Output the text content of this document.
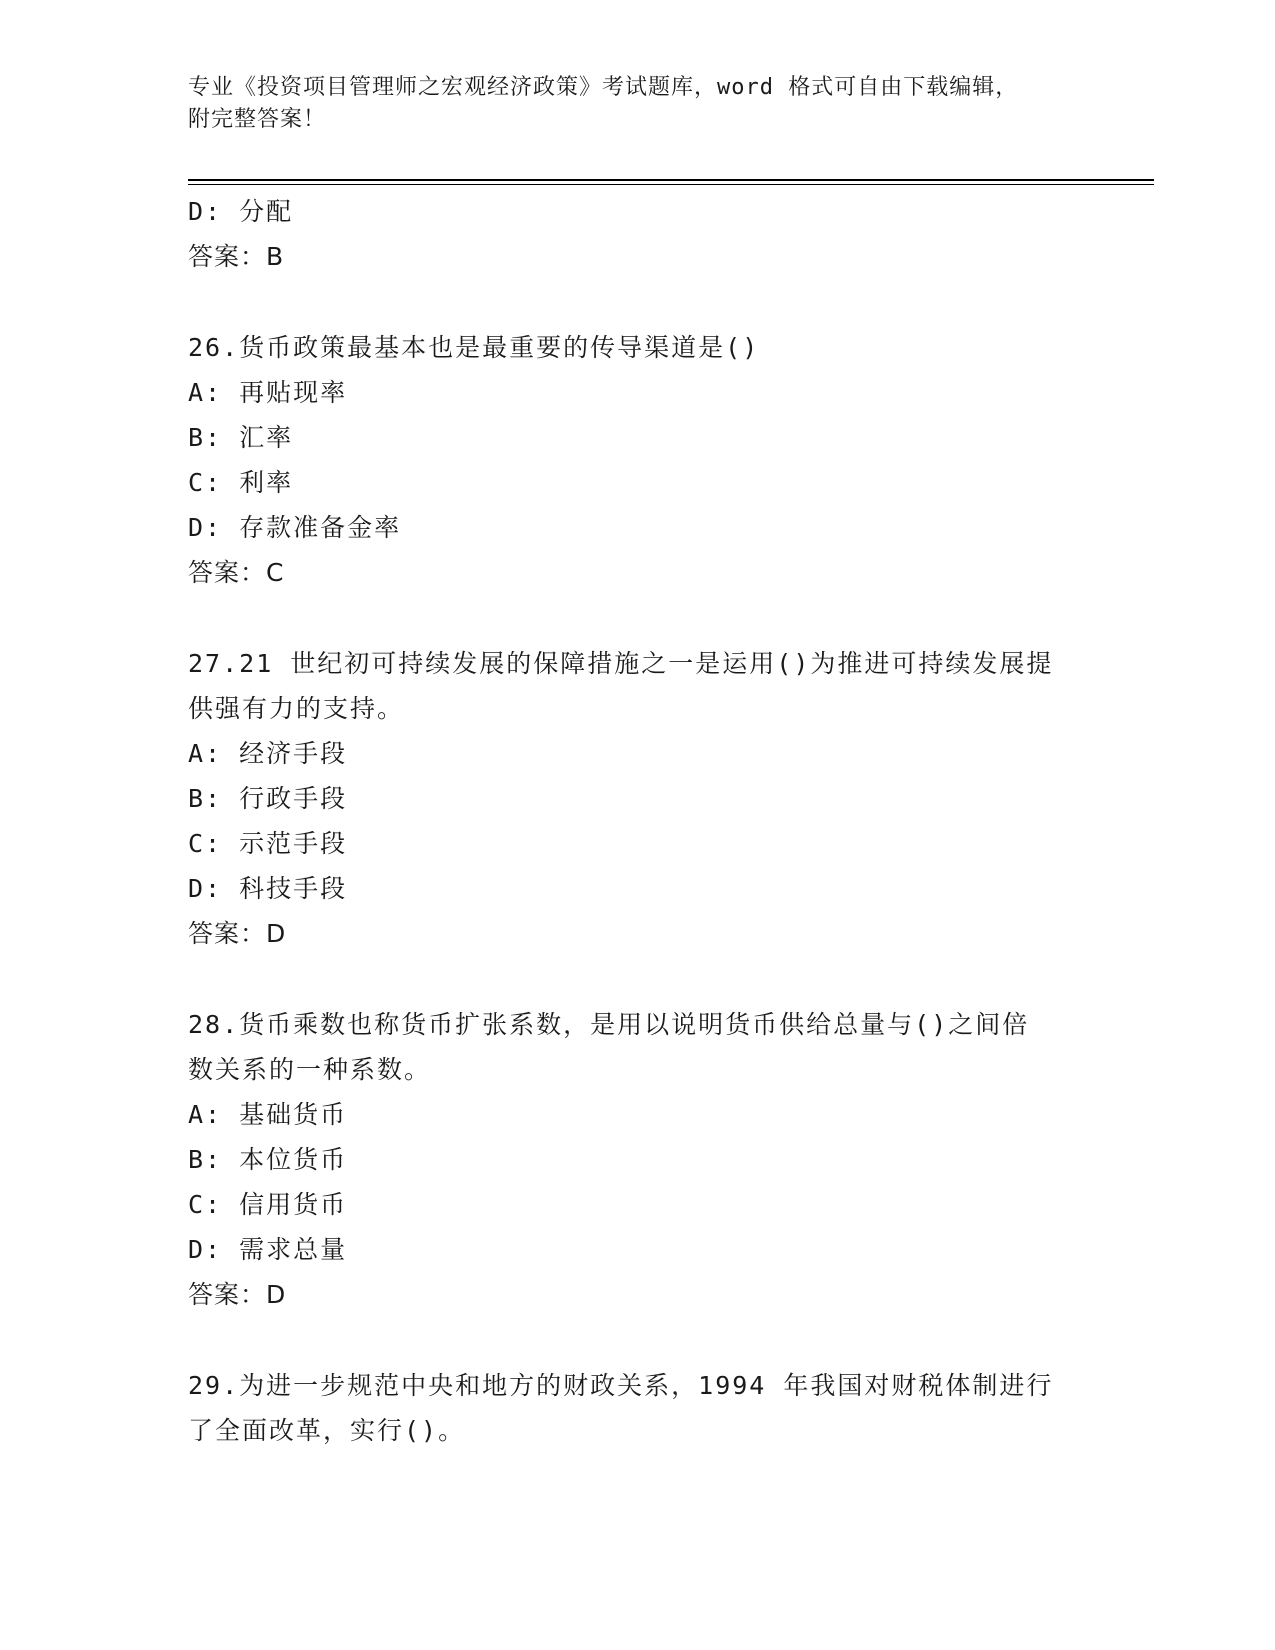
专业《投资项目管理师之宏观经济政策》考试题库，word 格式可自由下载编辑，
附完整答案！
D: 分配
答案：B
26.货币政策最基本也是最重要的传导渠道是()
A: 再贴现率
B: 汇率
C: 利率
D: 存款准备金率
答案：C
27.21 世纪初可持续发展的保障措施之一是运用()为推进可持续发展提
供强有力的支持。
A: 经济手段
B: 行政手段
C: 示范手段
D: 科技手段
答案：D
28.货币乘数也称货币扩张系数，是用以说明货币供给总量与()之间倍
数关系的一种系数。
A: 基础货币
B: 本位货币
C: 信用货币
D: 需求总量
答案：D
29.为进一步规范中央和地方的财政关系，1994 年我国对财税体制进行
了全面改革，实行()。
